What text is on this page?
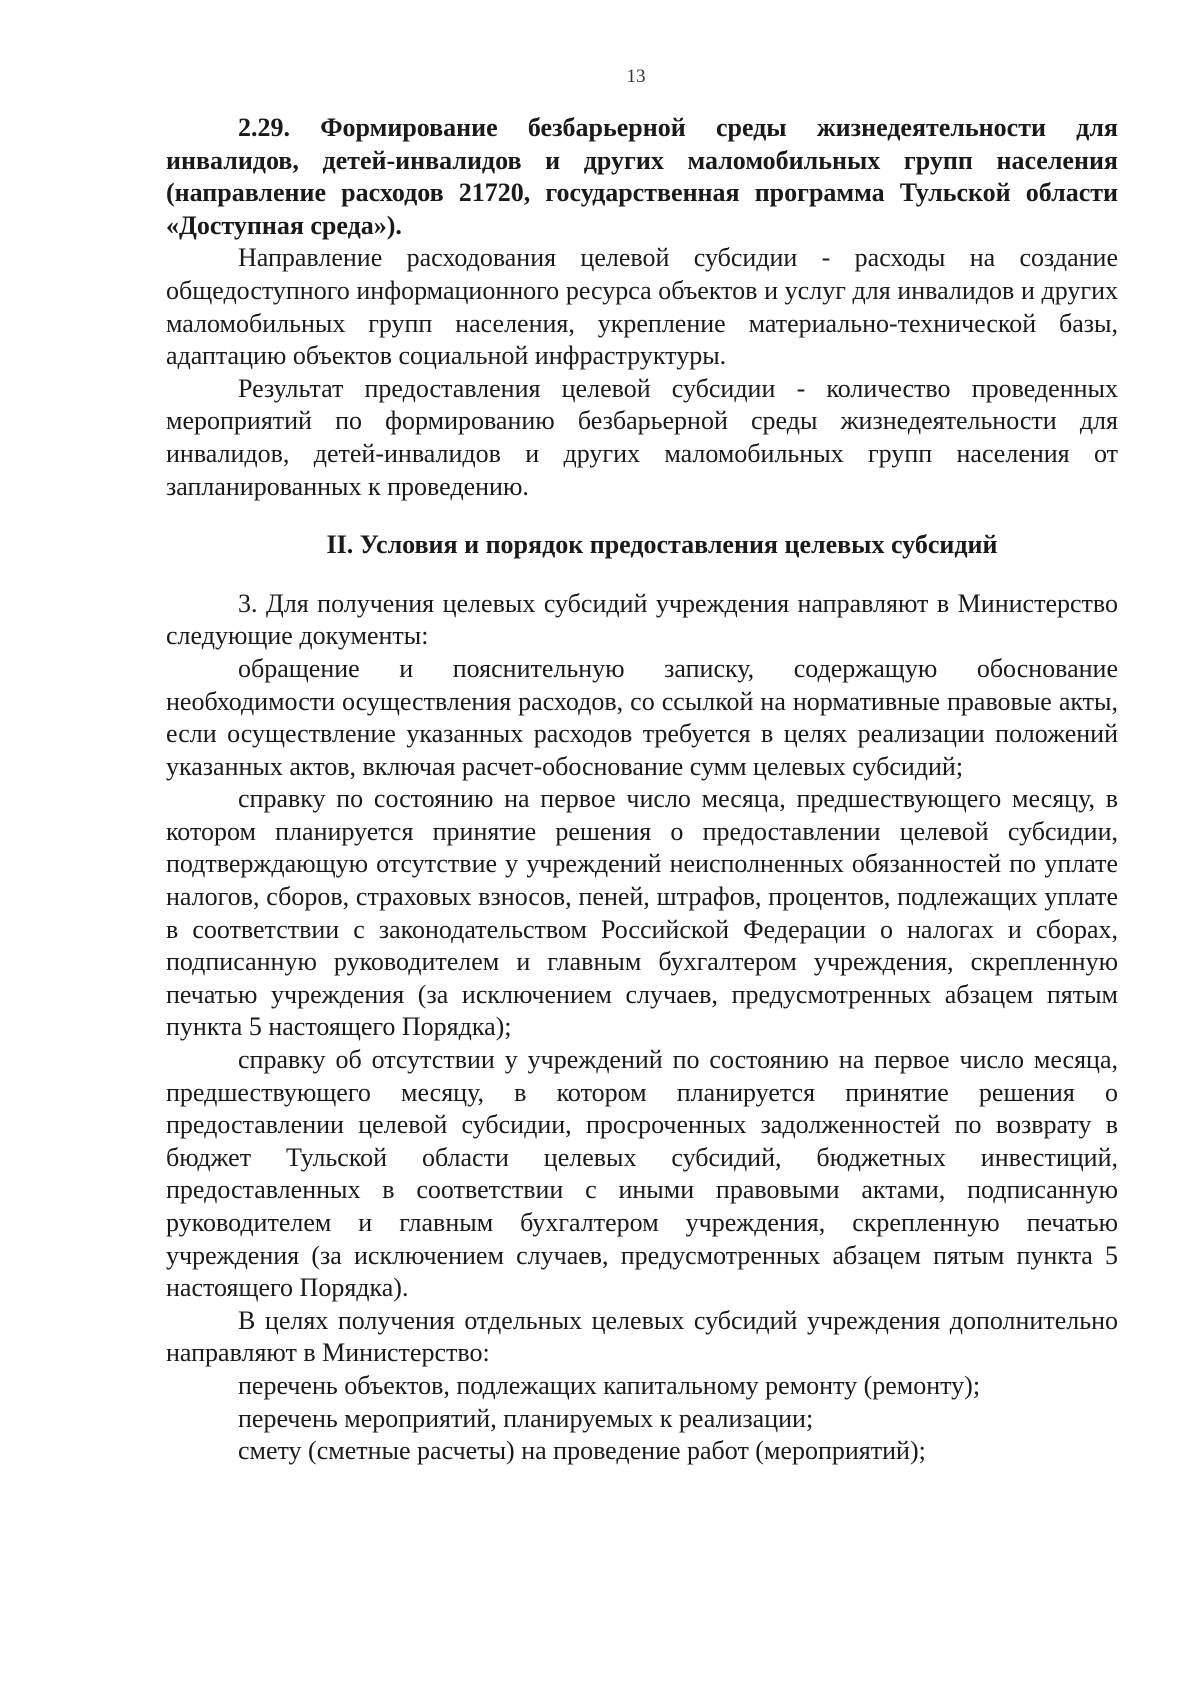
13

2.29. Формирование безбарьерной среды жизнедеятельности для инвалидов, детей-инвалидов и других маломобильных групп населения (направление расходов 21720, государственная программа Тульской области «Доступная среда»).

Направление расходования целевой субсидии - расходы на создание общедоступного информационного ресурса объектов и услуг для инвалидов и других маломобильных групп населения, укрепление материально-технической базы, адаптацию объектов социальной инфраструктуры.

Результат предоставления целевой субсидии - количество проведенных мероприятий по формированию безбарьерной среды жизнедеятельности для инвалидов, детей-инвалидов и других маломобильных групп населения от запланированных к проведению.

II. Условия и порядок предоставления целевых субсидий

3. Для получения целевых субсидий учреждения направляют в Министерство следующие документы:

обращение и пояснительную записку, содержащую обоснование необходимости осуществления расходов, со ссылкой на нормативные правовые акты, если осуществление указанных расходов требуется в целях реализации положений указанных актов, включая расчет-обоснование сумм целевых субсидий;

справку по состоянию на первое число месяца, предшествующего месяцу, в котором планируется принятие решения о предоставлении целевой субсидии, подтверждающую отсутствие у учреждений неисполненных обязанностей по уплате налогов, сборов, страховых взносов, пеней, штрафов, процентов, подлежащих уплате в соответствии с законодательством Российской Федерации о налогах и сборах, подписанную руководителем и главным бухгалтером учреждения, скрепленную печатью учреждения (за исключением случаев, предусмотренных абзацем пятым пункта 5 настоящего Порядка);

справку об отсутствии у учреждений по состоянию на первое число месяца, предшествующего месяцу, в котором планируется принятие решения о предоставлении целевой субсидии, просроченных задолженностей по возврату в бюджет Тульской области целевых субсидий, бюджетных инвестиций, предоставленных в соответствии с иными правовыми актами, подписанную руководителем и главным бухгалтером учреждения, скрепленную печатью учреждения (за исключением случаев, предусмотренных абзацем пятым пункта 5 настоящего Порядка).

В целях получения отдельных целевых субсидий учреждения дополнительно направляют в Министерство:

перечень объектов, подлежащих капитальному ремонту (ремонту);

перечень мероприятий, планируемых к реализации;

смету (сметные расчеты) на проведение работ (мероприятий);
